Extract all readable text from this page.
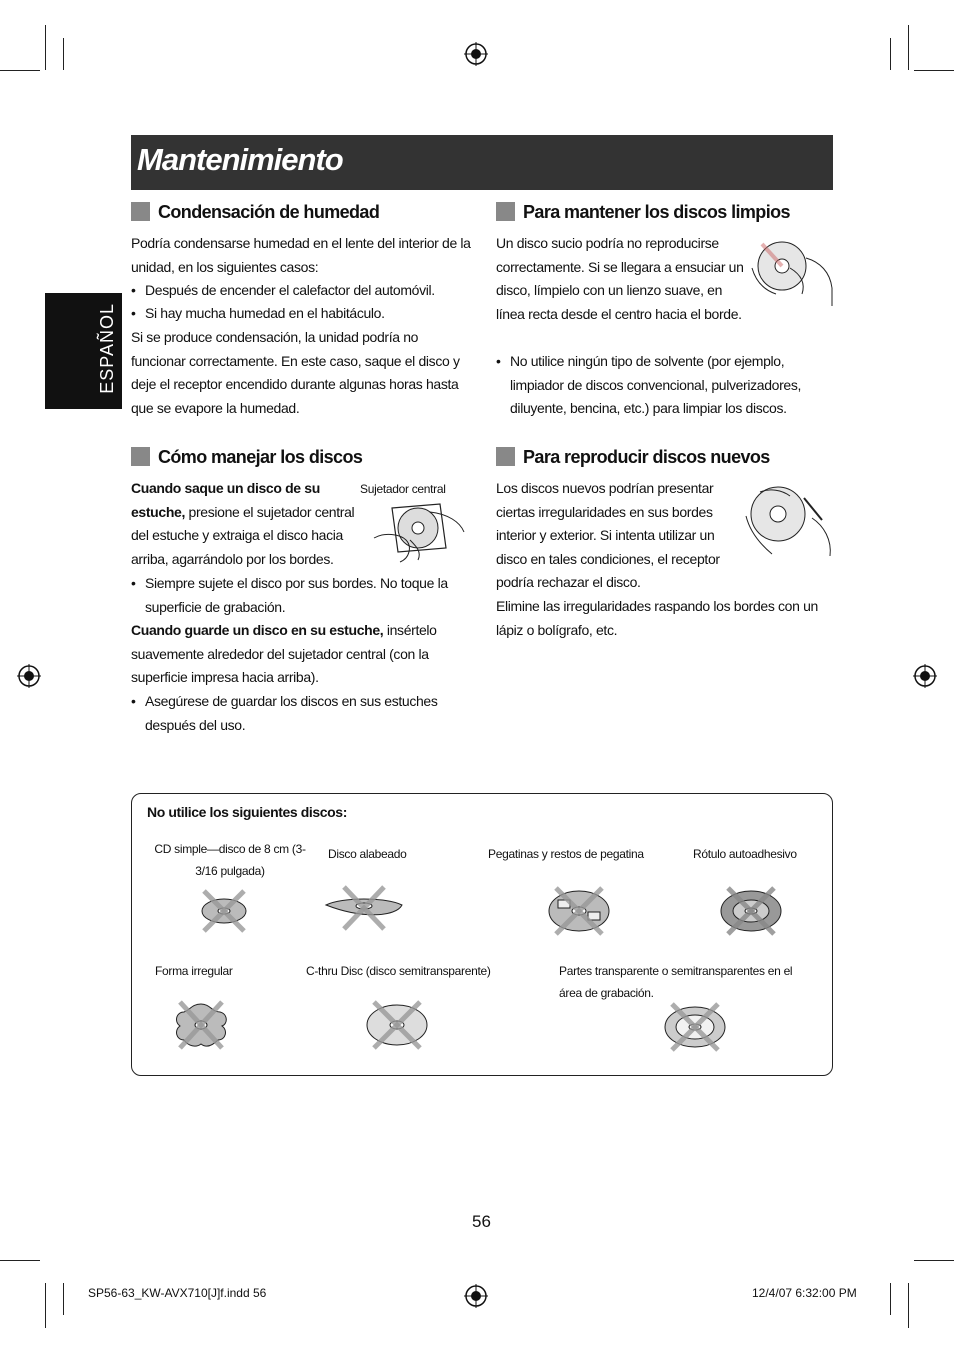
Mantenimiento
ESPAÑOL
Condensación de humedad

Podría condensarse humedad en el lente del interior de la unidad, en los siguientes casos:

• Después de encender el calefactor del automóvil.

• Si hay mucha humedad en el habitáculo.

Si se produce condensación, la unidad podría no funcionar correctamente. En este caso, saque el disco y deje el receptor encendido durante algunas horas hasta que se evapore la humedad.

Cómo manejar los discos

Cuando saque un disco de su estuche, presione el sujetador central del estuche y extraiga el disco hacia arriba, agarrándolo por los bordes.

Sujetador central

• Siempre sujete el disco por sus bordes. No toque la superficie de grabación.

Cuando guarde un disco en su estuche, insértelo suavemente alrededor del sujetador central (con la superficie impresa hacia arriba).

• Asegúrese de guardar los discos en sus estuches después del uso.

Para mantener los discos limpios

Un disco sucio podría no reproducirse correctamente. Si se llegara a ensuciar un disco, límpielo con un lienzo suave, en línea recta desde el centro hacia el borde.

• No utilice ningún tipo de solvente (por ejemplo, limpiador de discos convencional, pulverizadores, diluyente, bencina, etc.) para limpiar los discos.

Para reproducir discos nuevos

Los discos nuevos podrían presentar ciertas irregularidades en sus bordes interior y exterior. Si intenta utilizar un disco en tales condiciones, el receptor podría rechazar el disco.

Elimine las irregularidades raspando los bordes con un lápiz o bolígrafo, etc.

No utilice los siguientes discos:
CD simple—disco de 8 cm (3-3/16 pulgada)
Disco alabeado	Pegatinas y restos de pegatina	Rótulo autoadhesivo
Forma irregular	C-thru Disc (disco semitransparente)	Partes transparente o semitransparentes en el área de grabación.
56
SP56-63_KW-AVX710[J]f.indd 56	12/4/07 6:32:00 PM
